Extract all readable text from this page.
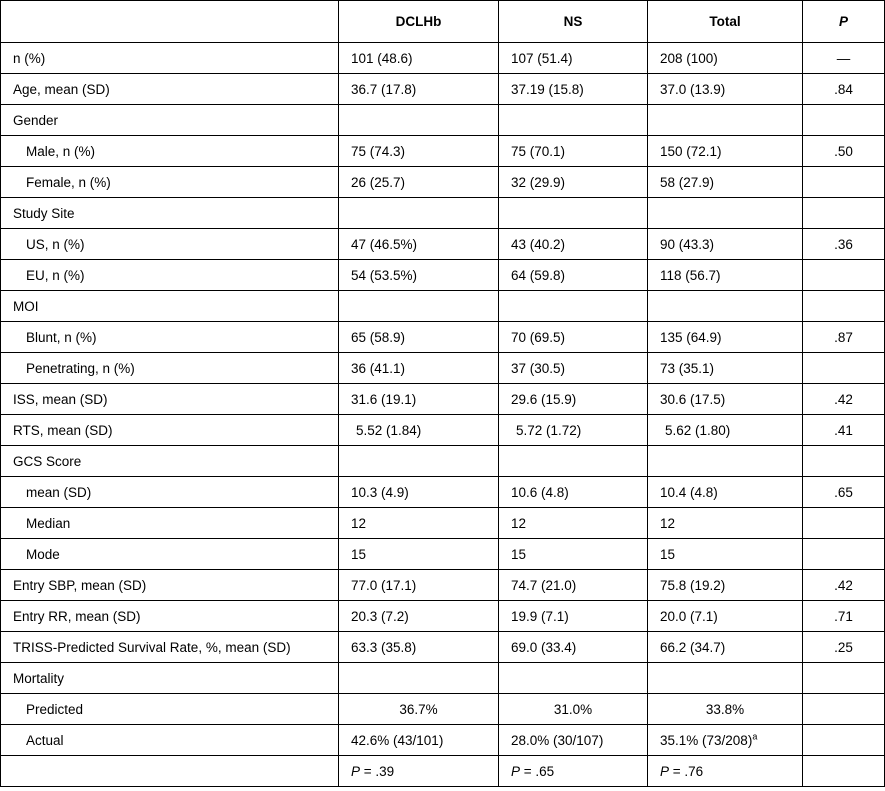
	DCLHb	NS	Total	P
n (%)	101 (48.6)	107 (51.4)	208 (100)	—
Age, mean (SD)	36.7 (17.8)	37.19 (15.8)	37.0 (13.9)	.84
Gender				
Male, n (%)	75 (74.3)	75 (70.1)	150 (72.1)	.50
Female, n (%)	26 (25.7)	32 (29.9)	58 (27.9)	
Study Site				
US, n (%)	47 (46.5%)	43 (40.2)	90 (43.3)	.36
EU, n (%)	54 (53.5%)	64 (59.8)	118 (56.7)	
MOI				
Blunt, n (%)	65 (58.9)	70 (69.5)	135 (64.9)	.87
Penetrating, n (%)	36 (41.1)	37 (30.5)	73 (35.1)	
ISS, mean (SD)	31.6 (19.1)	29.6 (15.9)	30.6 (17.5)	.42
RTS, mean (SD)	5.52 (1.84)	5.72 (1.72)	5.62 (1.80)	.41
GCS Score				
mean (SD)	10.3 (4.9)	10.6 (4.8)	10.4 (4.8)	.65
Median	12	12	12	
Mode	15	15	15	
Entry SBP, mean (SD)	77.0 (17.1)	74.7 (21.0)	75.8 (19.2)	.42
Entry RR, mean (SD)	20.3 (7.2)	19.9 (7.1)	20.0 (7.1)	.71
TRISS-Predicted Survival Rate, %, mean (SD)	63.3 (35.8)	69.0 (33.4)	66.2 (34.7)	.25
Mortality				
Predicted	36.7%	31.0%	33.8%	
Actual	42.6% (43/101)	28.0% (30/107)	35.1% $(73/208)^a$	
	P = .39	P = .65	P = .76	
